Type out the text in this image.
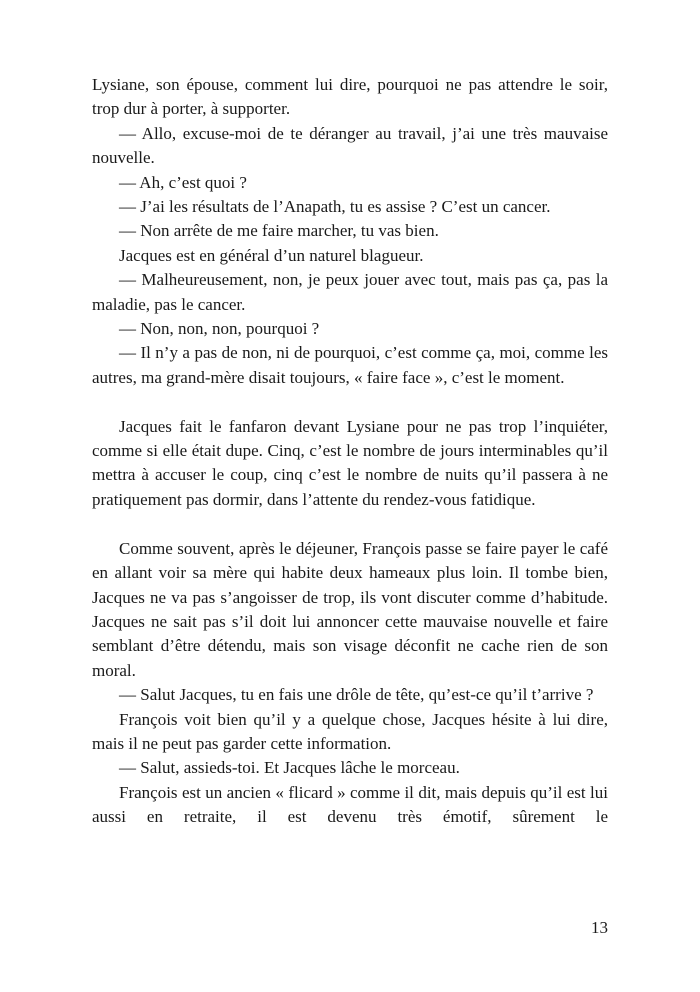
Lysiane, son épouse, comment lui dire, pourquoi ne pas attendre le soir, trop dur à porter, à supporter.

— Allo, excuse-moi de te déranger au travail, j’ai une très mauvaise nouvelle.

— Ah, c’est quoi ?

— J’ai les résultats de l’Anapath, tu es assise ? C’est un cancer.

— Non arrête de me faire marcher, tu vas bien.

Jacques est en général d’un naturel blagueur.

— Malheureusement, non, je peux jouer avec tout, mais pas ça, pas la maladie, pas le cancer.

— Non, non, non, pourquoi ?

— Il n’y a pas de non, ni de pourquoi, c’est comme ça, moi, comme les autres, ma grand-mère disait toujours, « faire face », c’est le moment.

Jacques fait le fanfaron devant Lysiane pour ne pas trop l’inquiéter, comme si elle était dupe. Cinq, c’est le nombre de jours interminables qu’il mettra à accuser le coup, cinq c’est le nombre de nuits qu’il passera à ne pratiquement pas dormir, dans l’attente du rendez-vous fatidique.

Comme souvent, après le déjeuner, François passe se faire payer le café en allant voir sa mère qui habite deux hameaux plus loin. Il tombe bien, Jacques ne va pas s’angoisser de trop, ils vont discuter comme d’habitude. Jacques ne sait pas s’il doit lui annoncer cette mauvaise nouvelle et faire semblant d’être détendu, mais son visage déconfit ne cache rien de son moral.

— Salut Jacques, tu en fais une drôle de tête, qu’est-ce qu’il t’arrive ?

François voit bien qu’il y a quelque chose, Jacques hésite à lui dire, mais il ne peut pas garder cette information.

— Salut, assieds-toi. Et Jacques lâche le morceau.

François est un ancien « flicard » comme il dit, mais depuis qu’il est lui aussi en retraite, il est devenu très émotif, sûrement le

13
